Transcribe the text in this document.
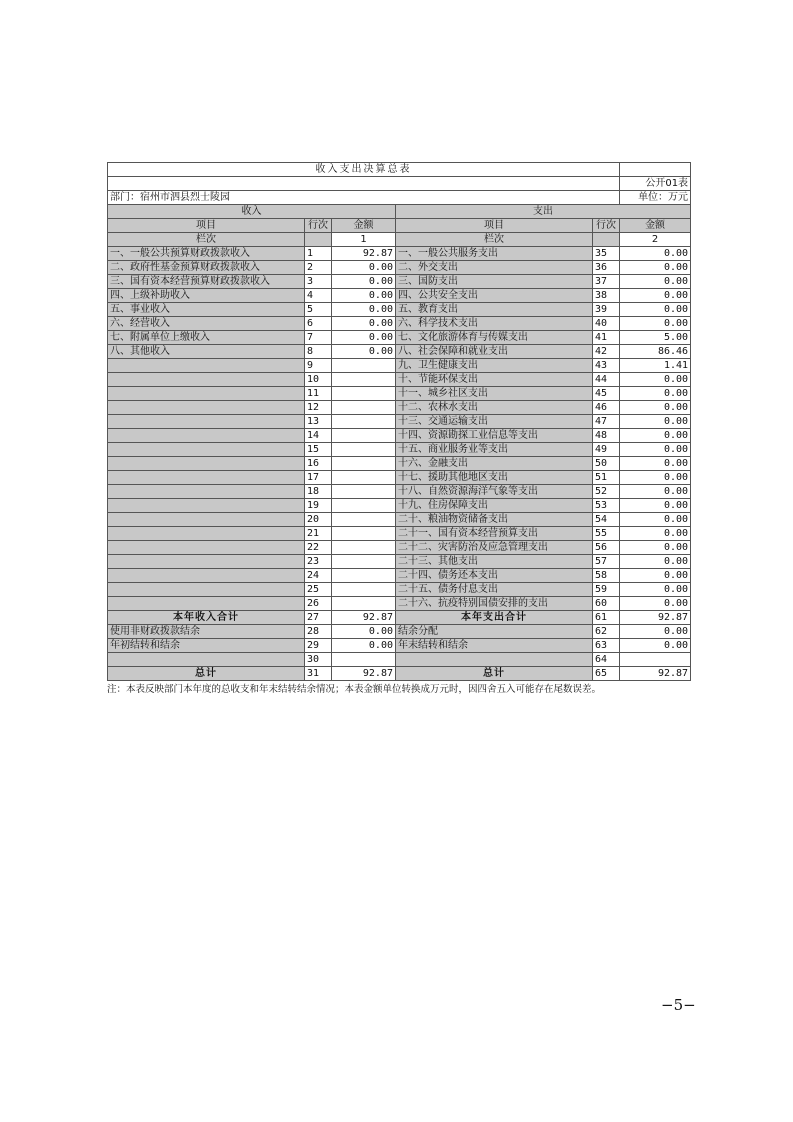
收入支出决算总表					
					公开01表
部门：宿州市泗县烈士陵园					单位：万元
收入			支出		
项目	行次	金额	项目	行次	金额
栏次		1	栏次		2
一、一般公共预算财政拨款收入	1	92.87	一、一般公共服务支出	35	0.00
二、政府性基金预算财政拨款收入	2	0.00	二、外交支出	36	0.00
三、国有资本经营预算财政拨款收入	3	0.00	三、国防支出	37	0.00
四、上级补助收入	4	0.00	四、公共安全支出	38	0.00
五、事业收入	5	0.00	五、教育支出	39	0.00
六、经营收入	6	0.00	六、科学技术支出	40	0.00
七、附属单位上缴收入	7	0.00	七、文化旅游体育与传媒支出	41	5.00
八、其他收入	8	0.00	八、社会保障和就业支出	42	86.46
	9		九、卫生健康支出	43	1.41
	10		十、节能环保支出	44	0.00
	11		十一、城乡社区支出	45	0.00
	12		十二、农林水支出	46	0.00
	13		十三、交通运输支出	47	0.00
	14		十四、资源勘探工业信息等支出	48	0.00
	15		十五、商业服务业等支出	49	0.00
	16		十六、金融支出	50	0.00
	17		十七、援助其他地区支出	51	0.00
	18		十八、自然资源海洋气象等支出	52	0.00
	19		十九、住房保障支出	53	0.00
	20		二十、粮油物资储备支出	54	0.00
	21		二十一、国有资本经营预算支出	55	0.00
	22		二十二、灾害防治及应急管理支出	56	0.00
	23		二十三、其他支出	57	0.00
	24		二十四、债务还本支出	58	0.00
	25		二十五、债务付息支出	59	0.00
	26		二十六、抗疫特别国债安排的支出	60	0.00
本年收入合计	27	92.87	本年支出合计	61	92.87
使用非财政拨款结余	28	0.00	结余分配	62	0.00
年初结转和结余	29	0.00	年末结转和结余	63	0.00
	30			64	
总计	31	92.87	总计	65	92.87
注：本表反映部门本年度的总收支和年末结转结余情况；本表金额单位转换成万元时，因四舍五入可能存在尾数误差。
−5−
